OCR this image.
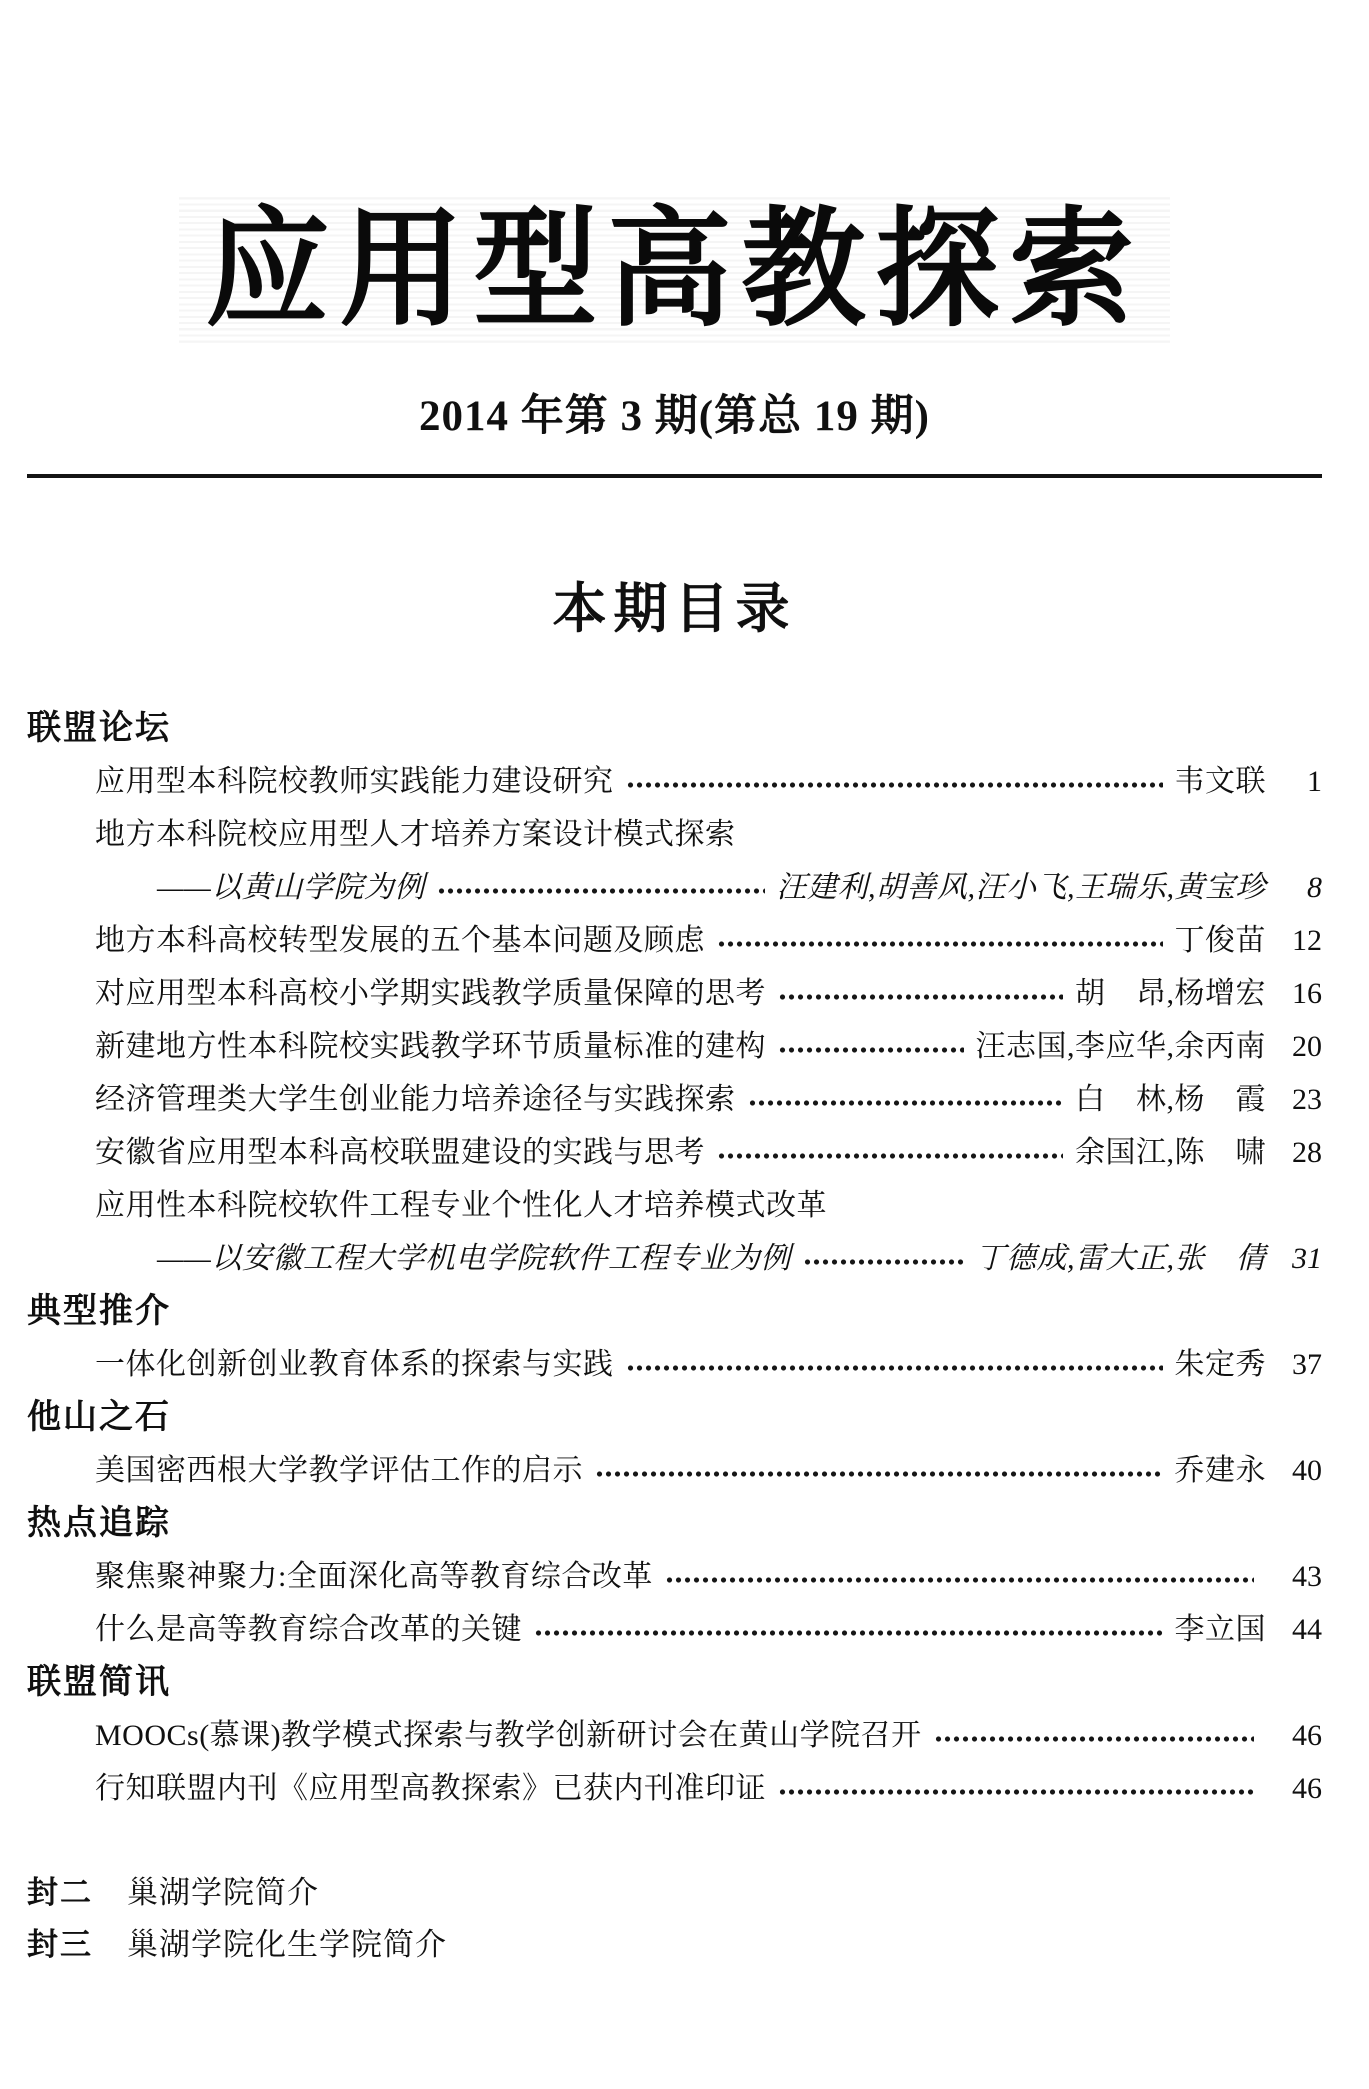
应用型高教探索
2014 年第 3 期(第总 19 期)
本期目录
联盟论坛
应用型本科院校教师实践能力建设研究	韦文联	1
地方本科院校应用型人才培养方案设计模式探索
——以黄山学院为例	汪建利,胡善风,汪小飞,王瑞乐,黄宝珍	8
地方本科高校转型发展的五个基本问题及顾虑	丁俊苗 12
对应用型本科高校小学期实践教学质量保障的思考	胡　昂,杨增宏 16
新建地方性本科院校实践教学环节质量标准的建构	汪志国,李应华,余丙南 20
经济管理类大学生创业能力培养途径与实践探索	白　林,杨　霞 23
安徽省应用型本科高校联盟建设的实践与思考	余国江,陈　啸 28
应用性本科院校软件工程专业个性化人才培养模式改革
——以安徽工程大学机电学院软件工程专业为例	丁德成,雷大正,张　倩 31
典型推介
一体化创新创业教育体系的探索与实践	朱定秀 37
他山之石
美国密西根大学教学评估工作的启示	乔建永 40
热点追踪
聚焦聚神聚力:全面深化高等教育综合改革	43
什么是高等教育综合改革的关键	李立国 44
联盟简讯
MOOCs(慕课)教学模式探索与教学创新研讨会在黄山学院召开	46
行知联盟内刊《应用型高教探索》已获内刊准印证	46
封二 巢湖学院简介
封三 巢湖学院化生学院简介
